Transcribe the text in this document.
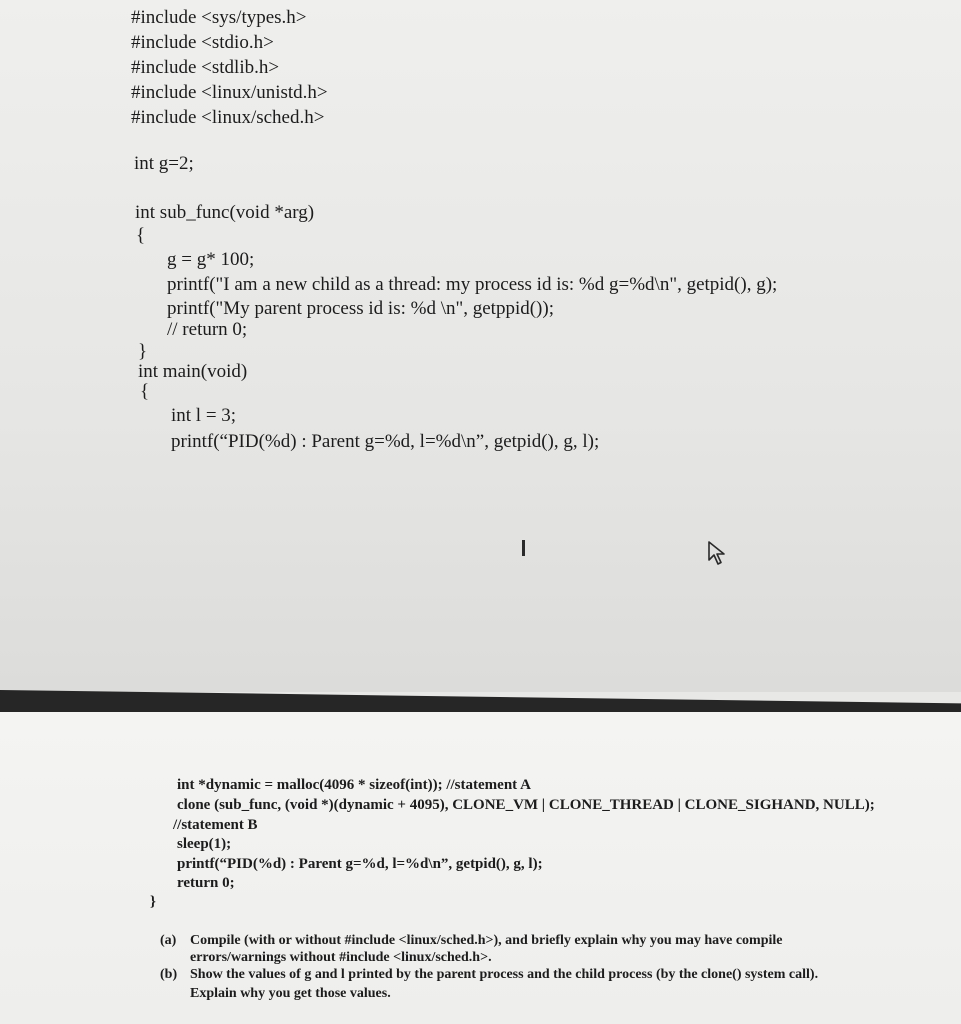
#include <sys/types.h>
#include <stdio.h>
#include <stdlib.h>
#include <linux/unistd.h>
#include <linux/sched.h>
int g=2;
int sub_func(void *arg)
{
g = g* 100;
printf("I am a new child as a thread: my process id is: %d g=%d\n", getpid(), g);
printf("My parent process id is: %d \n", getppid());
// return 0;
}
int main(void)
{
int l = 3;
printf(“PID(%d) : Parent g=%d, l=%d\n”, getpid(), g, l);
int *dynamic = malloc(4096 * sizeof(int)); //statement A
clone (sub_func, (void *)(dynamic + 4095), CLONE_VM | CLONE_THREAD | CLONE_SIGHAND, NULL);
//statement B
sleep(1);
printf(“PID(%d) : Parent g=%d, l=%d\n”, getpid(), g, l);
return 0;
}
(a) Compile (with or without #include <linux/sched.h>), and briefly explain why you may have compile
errors/warnings without #include <linux/sched.h>.
(b) Show the values of g and l printed by the parent process and the child process (by the clone() system call).
Explain why you get those values.
